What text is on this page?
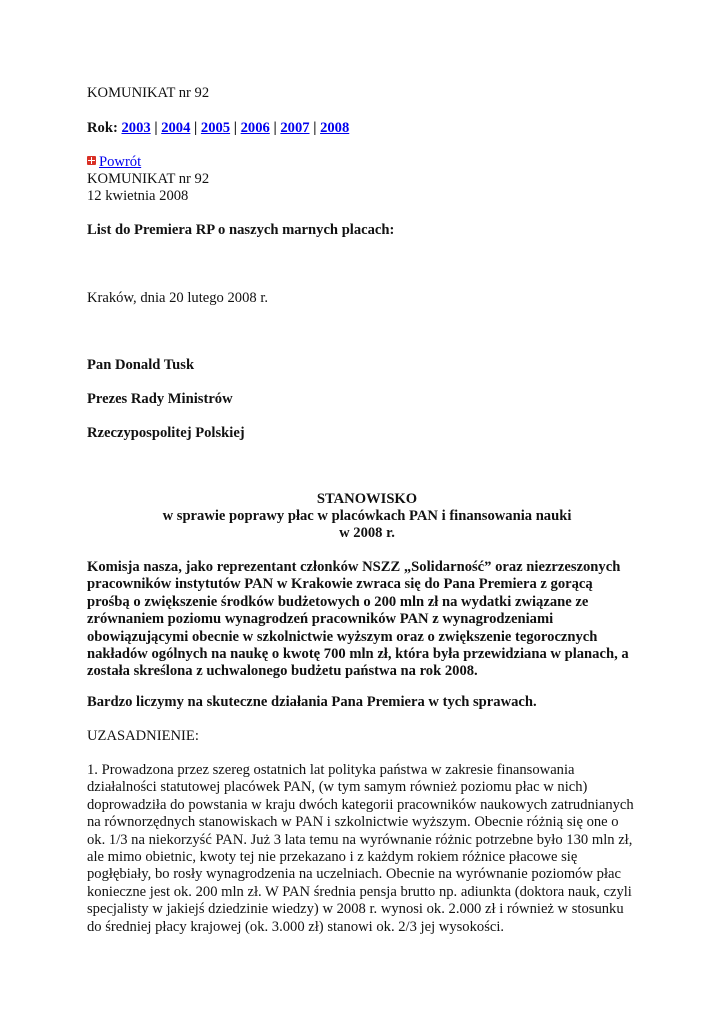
KOMUNIKAT nr 92
Rok: 2003 | 2004 | 2005 | 2006 | 2007 | 2008
Powrót
KOMUNIKAT nr 92
12 kwietnia 2008
List do Premiera RP o naszych marnych placach:
Kraków, dnia 20 lutego 2008 r.
Pan Donald Tusk
Prezes Rady Ministrów
Rzeczypospolitej Polskiej
STANOWISKO
w sprawie poprawy płac w placówkach PAN i finansowania nauki
w 2008 r.
Komisja nasza, jako reprezentant członków NSZZ „Solidarność” oraz niezrzeszonych
pracowników instytutów PAN w Krakowie zwraca się do Pana Premiera z gorącą
prośbą o zwiększenie środków budżetowych o 200 mln zł na wydatki związane ze
zrównaniem poziomu wynagrodzeń pracowników PAN z wynagrodzeniami
obowiązującymi obecnie w szkolnictwie wyższym oraz o zwiększenie tegorocznych
nakładów ogólnych na naukę o kwotę 700 mln zł, która była przewidziana w planach, a
została skreślona z uchwalonego budżetu państwa na rok 2008.
Bardzo liczymy na skuteczne działania Pana Premiera w tych sprawach.
UZASADNIENIE:
1. Prowadzona przez szereg ostatnich lat polityka państwa w zakresie finansowania
działalności statutowej placówek PAN, (w tym samym również poziomu płac w nich)
doprowadziła do powstania w kraju dwóch kategorii pracowników naukowych zatrudnianych
na równorzędnych stanowiskach w PAN i szkolnictwie wyższym. Obecnie różnią się one o
ok. 1/3 na niekorzyść PAN. Już 3 lata temu na wyrównanie różnic potrzebne było 130 mln zł,
ale mimo obietnic, kwoty tej nie przekazano i z każdym rokiem różnice płacowe się
pogłębiały, bo rosły wynagrodzenia na uczelniach. Obecnie na wyrównanie poziomów płac
konieczne jest ok. 200 mln zł. W PAN średnia pensja brutto np. adiunkta (doktora nauk, czyli
specjalisty w jakiejś dziedzinie wiedzy) w 2008 r. wynosi ok. 2.000 zł i również w stosunku
do średniej płacy krajowej (ok. 3.000 zł) stanowi ok. 2/3 jej wysokości.
